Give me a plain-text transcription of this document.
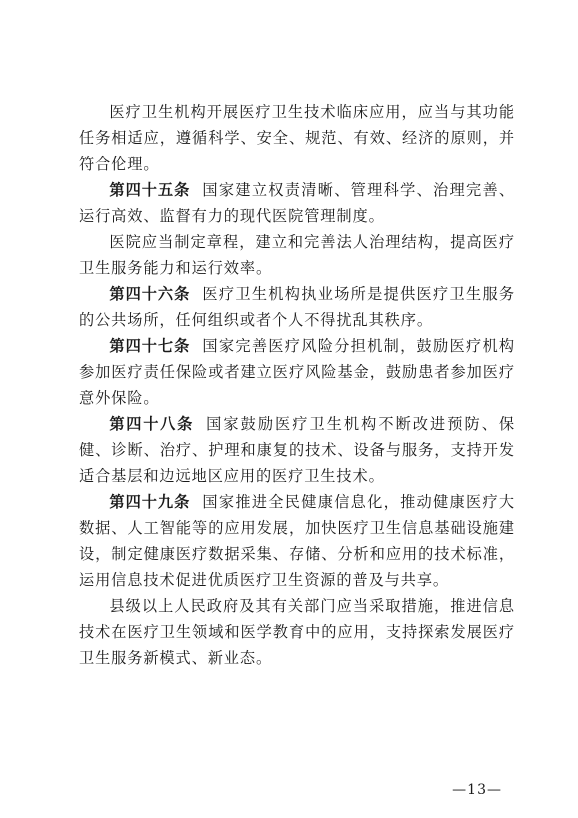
医疗卫生机构开展医疗卫生技术临床应用，应当与其功能任务相适应，遵循科学、安全、规范、有效、经济的原则，并符合伦理。

第四十五条 国家建立权责清晰、管理科学、治理完善、运行高效、监督有力的现代医院管理制度。

医院应当制定章程，建立和完善法人治理结构，提高医疗卫生服务能力和运行效率。

第四十六条 医疗卫生机构执业场所是提供医疗卫生服务的公共场所，任何组织或者个人不得扰乱其秩序。

第四十七条 国家完善医疗风险分担机制，鼓励医疗机构参加医疗责任保险或者建立医疗风险基金，鼓励患者参加医疗意外保险。

第四十八条 国家鼓励医疗卫生机构不断改进预防、保健、诊断、治疗、护理和康复的技术、设备与服务，支持开发适合基层和边远地区应用的医疗卫生技术。

第四十九条 国家推进全民健康信息化，推动健康医疗大数据、人工智能等的应用发展，加快医疗卫生信息基础设施建设，制定健康医疗数据采集、存储、分析和应用的技术标准，运用信息技术促进优质医疗卫生资源的普及与共享。

县级以上人民政府及其有关部门应当采取措施，推进信息技术在医疗卫生领域和医学教育中的应用，支持探索发展医疗卫生服务新模式、新业态。

—13—
